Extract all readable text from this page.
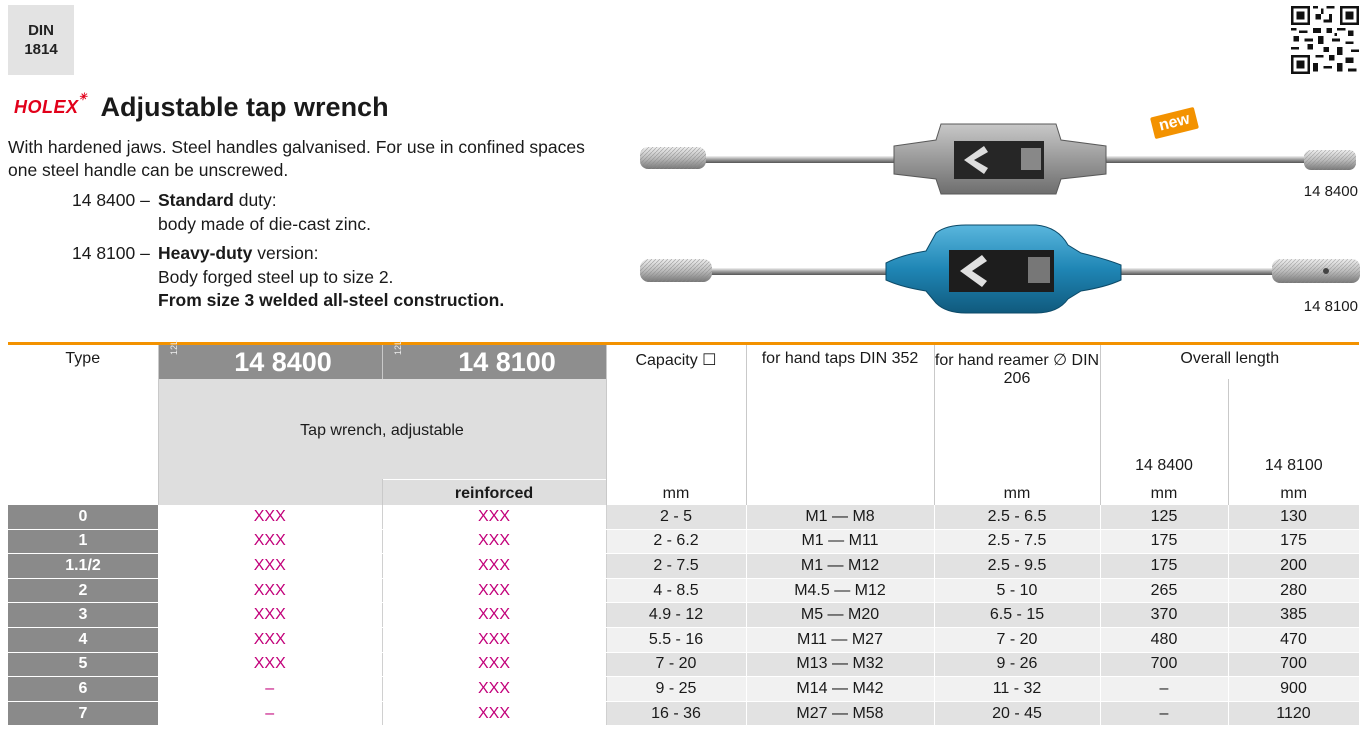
DIN
1814
HOLEX ✳ Adjustable tap wrench

With hardened jaws. Steel handles galvanised. For use in confined spaces one steel handle can be unscrewed.

14 8400 – Standard duty:
body made of die-cast zinc.
14 8100 – Heavy-duty version:
Body forged steel up to size 2.
From size 3 welded all-steel construction.
new
14 8400
14 8100
Type	12L 14 8400	12L 14 8100	Capacity ☐	for hand taps DIN 352	for hand reamer ∅ DIN 206	Overall length	
	Tap wrench, adjustable					14 8400	14 8100
		reinforced	mm		mm	mm	mm
0	XXX	XXX	2 - 5	M1 — M8	2.5 - 6.5	125	130
1	XXX	XXX	2 - 6.2	M1 — M11	2.5 - 7.5	175	175
1.1/2	XXX	XXX	2 - 7.5	M1 — M12	2.5 - 9.5	175	200
2	XXX	XXX	4 - 8.5	M4.5 — M12	5 - 10	265	280
3	XXX	XXX	4.9 - 12	M5 — M20	6.5 - 15	370	385
4	XXX	XXX	5.5 - 16	M11 — M27	7 - 20	480	470
5	XXX	XXX	7 - 20	M13 — M32	9 - 26	700	700
6	–	XXX	9 - 25	M14 — M42	11 - 32	–	900
7	–	XXX	16 - 36	M27 — M58	20 - 45	–	1120
